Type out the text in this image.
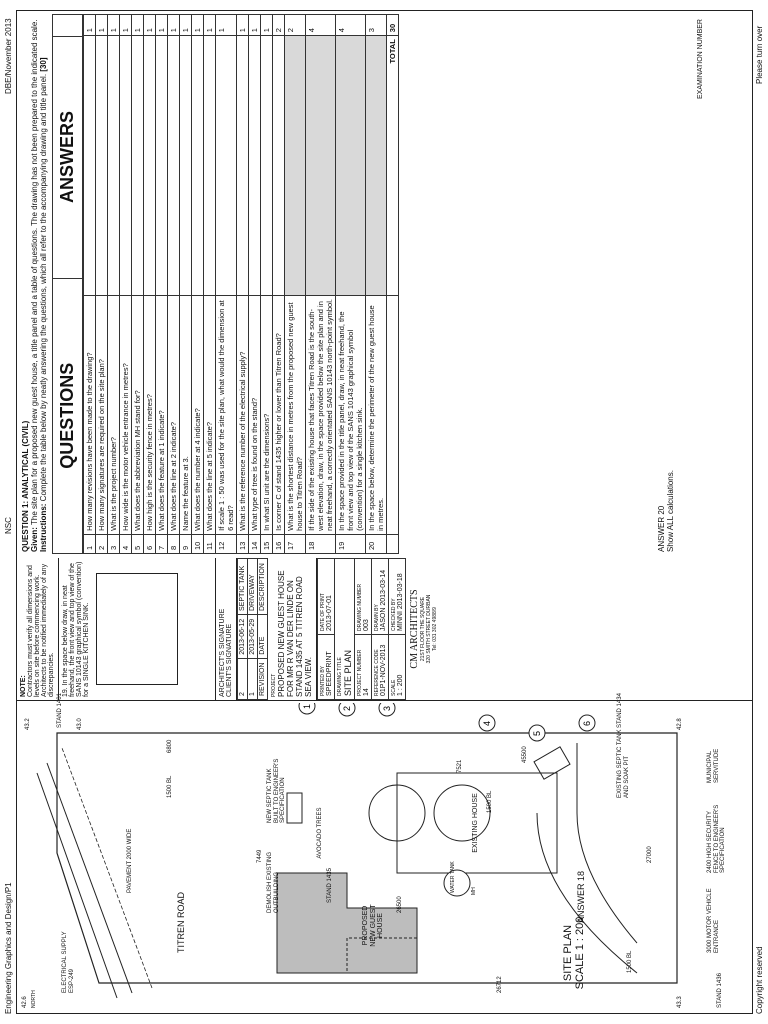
Engineering Graphics and Design/P1
NSC
DBE/November 2013
1	2	3
4
5
6
PROPOSED NEW GUEST HOUSE
EXISTING HOUSE
AVOCADO TREES
WATER TANK
NEW SEPTIC TANK BUILT TO ENGINEER'S SPECIFICATION
STAND 1435
DEMOLISH EXISTING OUTBUILDING
EXISTING SEPTIC TANK AND SOAK PIT
TITREN ROAD
PAVEMENT 2000 WIDE
ELECTRICAL SUPPLY ESP-249
MUNICIPAL SERVITUDE
2400 HIGH SECURITY FENCE TO ENGINEER'S SPECIFICATION
3000 MOTOR VEHICLE ENTRANCE
STAND 1401	STAND 1434
STAND 1436
NORTH
1500 BL
1500 BL
1500 BL
27000
26712
7521
6800	45500
7449
26500
MH
43.0
43.2	42.8
43.3
42.6
SITE PLAN SCALE 1 : 200
ANSWER 18
NOTE: Contractors must verify all dimensions and levels on site before commencing work. Architects to be notified immediately of any discrepancies. 19. In the space below draw, in neat freehand, the front view and top view of the SANS 10143 graphical symbol (convention) for a SINGLE KITCHEN SINK.	ARCHITECT'S SIGNATURE CLIENT'S SIGNATURE 2	2013-06-12	SEPTIC TANK
1	2013-05-29	DRIVEWAY
REVISION	DATE	DESCRIPTION
PROJECT PROPOSED NEW GUEST HOUSE FOR MR R VAN DER LINDE ON STAND 1435 AT 5 TITREN ROAD SEA VIEW. PRINTED BY
SPEEDPRINT	DATE OF PRINT
2013-07-01
DRAWING TITLE
SITE PLAN	
PROJECT NUMBER
14	DRAWING NUMBER
003
REFERENCE CODE
01P1-NOV-2013	DRAWN BY
JASON 2013-03-14
SCALE
1 : 200	CHECKED BY
MINNI 2013-03-18 CM ARCHITECTS 21ST FLOOR THE SQUARE 320 SMITH STREET DURBAN Tel: 031 302 4988/9
QUESTION 1: ANALYTICAL (CIVIL) Given: The site plan for a proposed new guest house, a title panel and a table of questions. The drawing has not been prepared to the indicated scale.
Instructions: Complete the table below by neatly answering the questions, which all refer to the accompanying drawing and title panel. [30]
QUESTIONS	ANSWERS	
1	How many revisions have been made to the drawing?		1
2	How many signatures are required on the site plan?		1
3	What is the project number?		1
4	How wide is the motor vehicle entrance in metres?		1
5	What does the abbreviation MH stand for?		1
6	How high is the security fence in metres?		1
7	What does the feature at 1 indicate?		1
8	What does the line at 2 indicate?		1
9	Name the feature at 3.		1
10	What does the number at 4 indicate?		1
11	What does the line at 5 indicate?		1
12	If scale 1 : 50 was used for the site plan, what would the dimension at 6 read?		1
13	What is the reference number of the electrical supply?		1
14	What type of tree is found on the stand?		1
15	In what SI unit are the dimensions?		1
16	Is corner C of stand 1435 higher or lower than Titren Road?		2
17	What is the shortest distance in metres from the proposed new guest house to Titren Road?		2
18	If the side of the existing house that faces Titren Road is the south-west elevation, draw, in the space provided below the site plan and in neat freehand, a correctly orientated SANS 10143 north-point symbol.		4
19	In the space provided in the title panel, draw, in neat freehand, the front view and top view of the SANS 10143 graphical symbol (convention) for a single kitchen sink.		4
20	In the space below, determine the perimeter of the new guest house in metres.		3
		TOTAL	30
ANSWER 20 Show ALL calculations.
EXAMINATION NUMBER
Copyright reserved
Please turn over
